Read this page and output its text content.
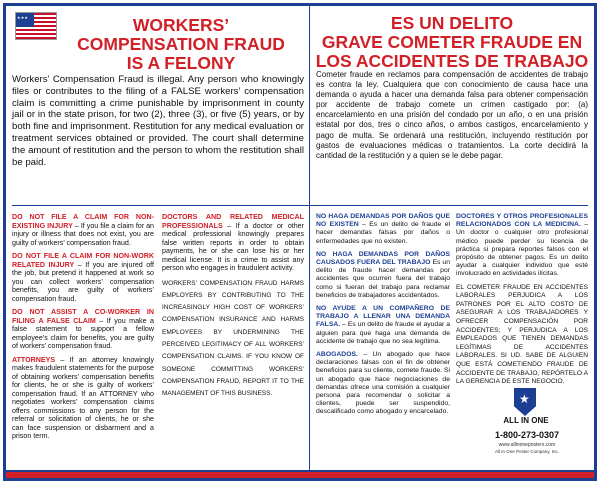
★ ★ ★
WORKERS’
COMPENSATION FRAUD
IS A FELONY

Workers’ Compensation Fraud is illegal. Any person who knowingly files or contributes to the filing of a FALSE workers’ compensation claim is committing a crime punishable by imprisonment in county jail or in the state prison, for two (2), three (3), or five (5) years, or by both fine and imprisonment. Restitution for any medical evaluation or treatment services obtained or provided. The court shall determine the amount of restitution and the person to whom the restitution shall be paid.

DO NOT FILE A CLAIM FOR NON-EXISTING INJURY – If you file a claim for an injury or illness that does not exist, you are guilty of workers’ compensation fraud.

DO NOT FILE A CLAIM FOR NON-WORK RELATED INJURY – If you are injured off the job, but pretend it happened at work so you can collect workers’ compensation benefits, you are guilty of workers’ compensation fraud.

DO NOT ASSIST A CO-WORKER IN FILING A FALSE CLAIM – If you make a false statement to support a fellow employee’s claim for benefits, you are guilty of workers’ compensation fraud.

ATTORNEYS – If an attorney knowingly makes fraudulent statements for the purpose of obtaining workers’ compensation benefits for clients, he or she is guilty of workers’ compensation fraud. If an ATTORNEY who negotiates workers’ compensation claims offers commissions to any person for the referral or solicitation of clients, he or she can face suspension or disbarment and a prison term.

DOCTORS AND RELATED MEDICAL PROFESSIONALS – If a doctor or other medical professional knowingly prepares false written reports in order to obtain payments, he or she can lose his or her medical license. It is a crime to assist any person who engages in fraudulent activity.

WORKERS’ COMPENSATION FRAUD HARMS EMPLOYERS BY CONTRIBUTING TO THE INCREASINGLY HIGH COST OF WORKERS’ COMPENSATION INSURANCE AND HARMS EMPLOYEES BY UNDERMINING THE PERCEIVED LEGITIMACY OF ALL WORKERS’ COMPENSATION CLAIMS. IF YOU KNOW OF SOMEONE COMMITTING WORKERS’ COMPENSATION FRAUD, REPORT IT TO THE MANAGEMENT OF THIS BUSINESS.

ES UN DELITO
GRAVE COMETER FRAUDE EN
LOS ACCIDENTES DE TRABAJO

Cometer fraude en reclamos para compensación de accidentes de trabajo es contra la ley. Cualquiera que con conocimiento de causa hace una demanda o ayuda a hacer una demanda falsa para obtener compensación por accidente de trabajo comete un crimen castigado por: (a) encarcelamiento en una prisión del condado por un año, o en una prisión estatal por dos, tres o cinco años, o ambos castigos, encarcelamiento y pago de multa. Se ordenará una restitución, incluyendo restitución por gastos de evaluaciones médicas o tratamientos. La corte decidirá la cantidad de la restitución y a quien se le debe pagar.

NO HAGA DEMANDAS POR DAÑOS QUE NO EXISTEN – Es un delito de fraude el hacer demandas falsas por daños o enfermedades que no existen.

NO HAGA DEMANDAS POR DAÑOS CAUSADOS FUERA DEL TRABAJO Es un delito de fraude hacer demandas por accidentes que ocurren fuera del trabajo como si fueran del trabajo para reclamar beneficios de trabajadores accidentados.

NO AYUDE A UN COMPAÑERO DE TRABAJO A LLENAR UNA DEMANDA FALSA. – Es un delito de fraude el ayudar a alguien para que haga una demanda de accidente de trabajo que no sea legítima.

ABOGADOS. – Un abogado que hace declaraciones falsas con el fin de obtener beneficios para su cliente, comete fraude. Si un abogado que hace negociaciones de demandas ofrece una comisión a cualquier persona para recomendar o solicitar a clientes, puede ser suspendido, descalificado como abogado y encarcelado.

DOCTORES Y OTROS PROFESIONALES RELACIONADOS CON LA MEDICINA. – Un doctor o cualquier otro profesional médico puede perder su licencia de práctica si prepara reportes falsos con el propósito de obtener pagos. Es un delito ayudar a cualquier individuo que esté involucrado en actividades ilícitas.

EL COMETER FRAUDE EN ACCIDENTES LABORALES PERJUDICA A LOS PATRONES POR EL ALTO COSTO DE ASEGURAR A LOS TRABAJADORES Y OFRECER COMPENSACIÓN POR ACCIDENTES; Y PERJUDICA A LOS EMPLEADOS QUE TIENEN DEMANDAS LEGÍTIMAS DE ACCIDENTES LABORALES. SI UD. SABE DE ALGUIEN QUE ESTÁ COMETIENDO FRAUDE DE ACCIDENTE DE TRABAJO, REPÓRTELO A LA GERENCIA DE ESTE NEGOCIO.

★
ALL IN ONE
1-800-273-0307
www.allinoneposters.com
All In One Poster Company, Inc.
